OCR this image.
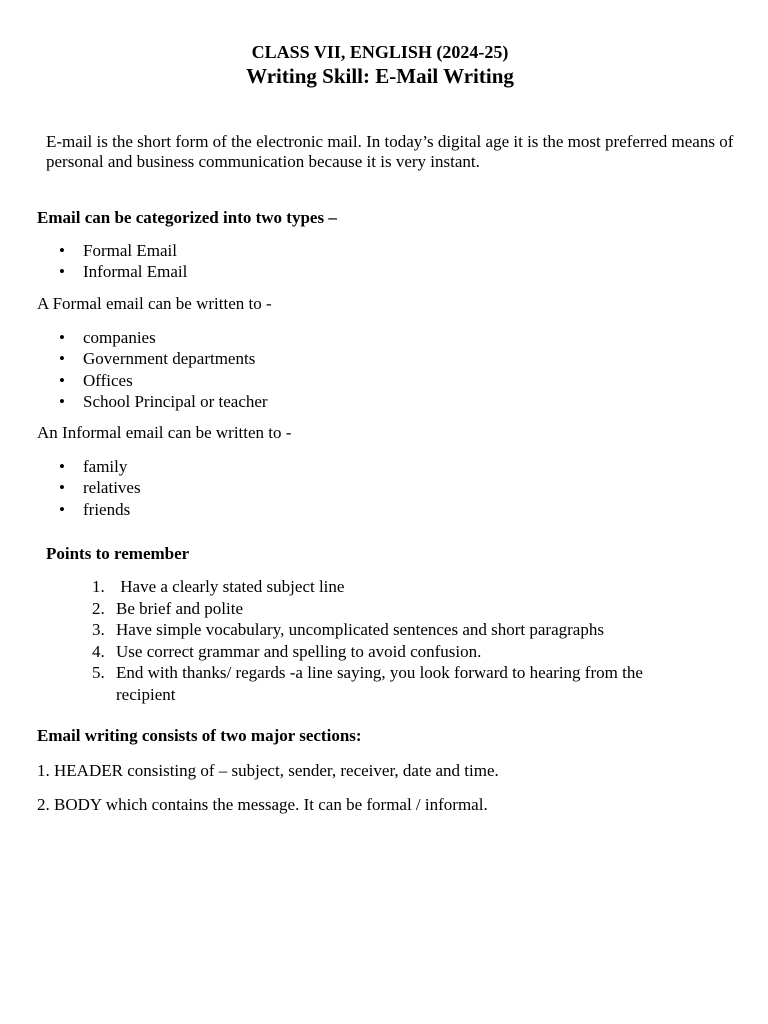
CLASS VII, ENGLISH (2024-25)
Writing Skill: E-Mail Writing
E-mail is the short form of the electronic mail. In today’s digital age it is the most preferred means of personal and business communication because it is very instant.
Email can be categorized into two types –
• Formal Email
• Informal Email
A Formal email can be written to -
• companies
• Government departments
• Offices
• School Principal or teacher
An Informal email can be written to -
• family
• relatives
• friends
Points to remember
1. Have a clearly stated subject line
2. Be brief and polite
3. Have simple vocabulary, uncomplicated sentences and short paragraphs
4. Use correct grammar and spelling to avoid confusion.
5. End with thanks/ regards -a line saying, you look forward to hearing from the recipient
Email writing consists of two major sections:
1. HEADER consisting of – subject, sender, receiver, date and time.
2. BODY which contains the message. It can be formal / informal.
